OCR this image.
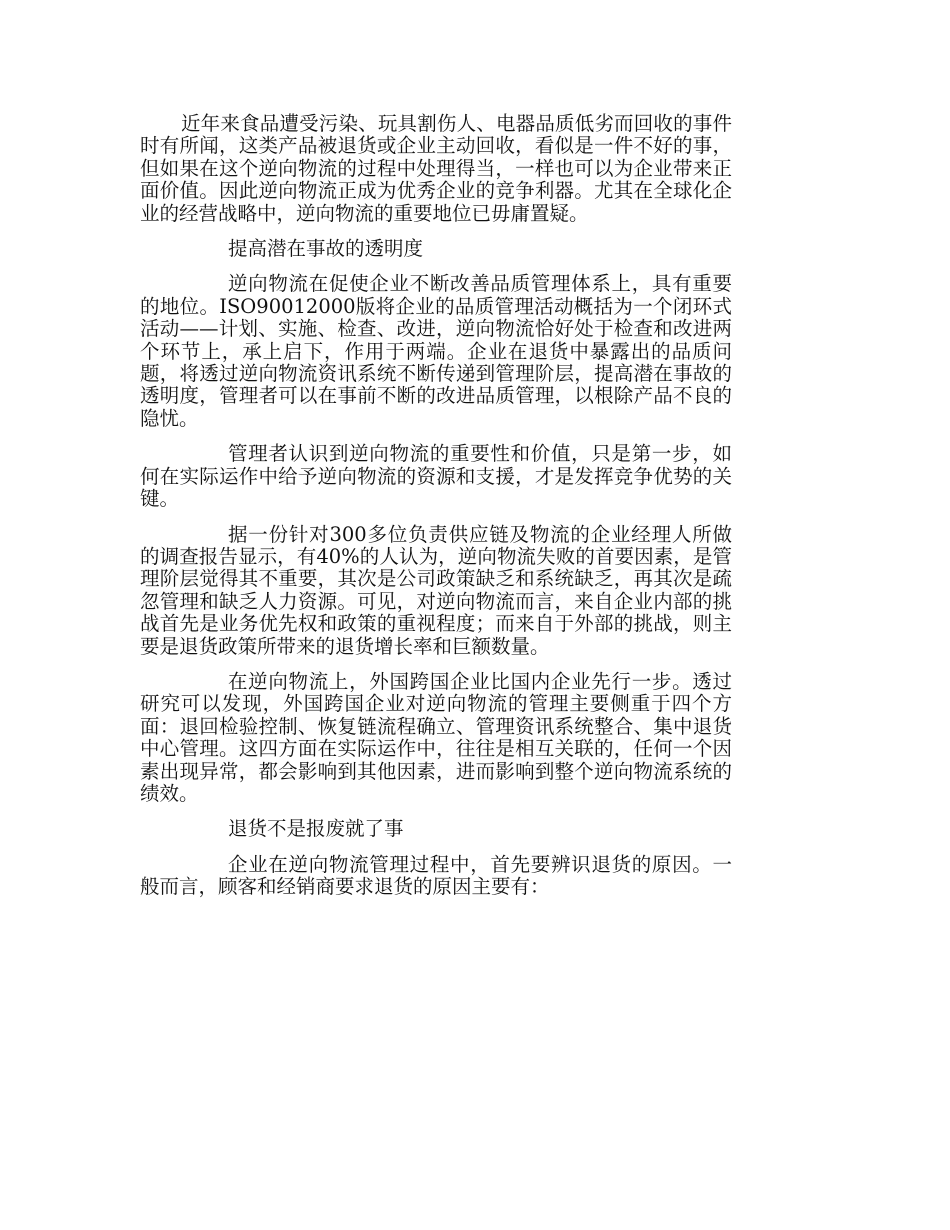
近年来食品遭受污染、玩具割伤人、电器品质低劣而回收的事件时有所闻，这类产品被退货或企业主动回收，看似是一件不好的事，但如果在这个逆向物流的过程中处理得当，一样也可以为企业带来正面价值。因此逆向物流正成为优秀企业的竞争利器。尤其在全球化企业的经营战略中，逆向物流的重要地位已毋庸置疑。

提高潜在事故的透明度

逆向物流在促使企业不断改善品质管理体系上，具有重要的地位。ISO90012000版将企业的品质管理活动概括为一个闭环式活动——计划、实施、检查、改进，逆向物流恰好处于检查和改进两个环节上，承上启下，作用于两端。企业在退货中暴露出的品质问题，将透过逆向物流资讯系统不断传递到管理阶层，提高潜在事故的透明度，管理者可以在事前不断的改进品质管理，以根除产品不良的隐忧。

管理者认识到逆向物流的重要性和价值，只是第一步，如何在实际运作中给予逆向物流的资源和支援，才是发挥竞争优势的关键。

据一份针对300多位负责供应链及物流的企业经理人所做的调查报告显示，有40%的人认为，逆向物流失败的首要因素，是管理阶层觉得其不重要，其次是公司政策缺乏和系统缺乏，再其次是疏忽管理和缺乏人力资源。可见，对逆向物流而言，来自企业内部的挑战首先是业务优先权和政策的重视程度；而来自于外部的挑战，则主要是退货政策所带来的退货增长率和巨额数量。

在逆向物流上，外国跨国企业比国内企业先行一步。透过研究可以发现，外国跨国企业对逆向物流的管理主要侧重于四个方面：退回检验控制、恢复链流程确立、管理资讯系统整合、集中退货中心管理。这四方面在实际运作中，往往是相互关联的，任何一个因素出现异常，都会影响到其他因素，进而影响到整个逆向物流系统的绩效。

退货不是报废就了事

企业在逆向物流管理过程中，首先要辨识退货的原因。一般而言，顾客和经销商要求退货的原因主要有：
